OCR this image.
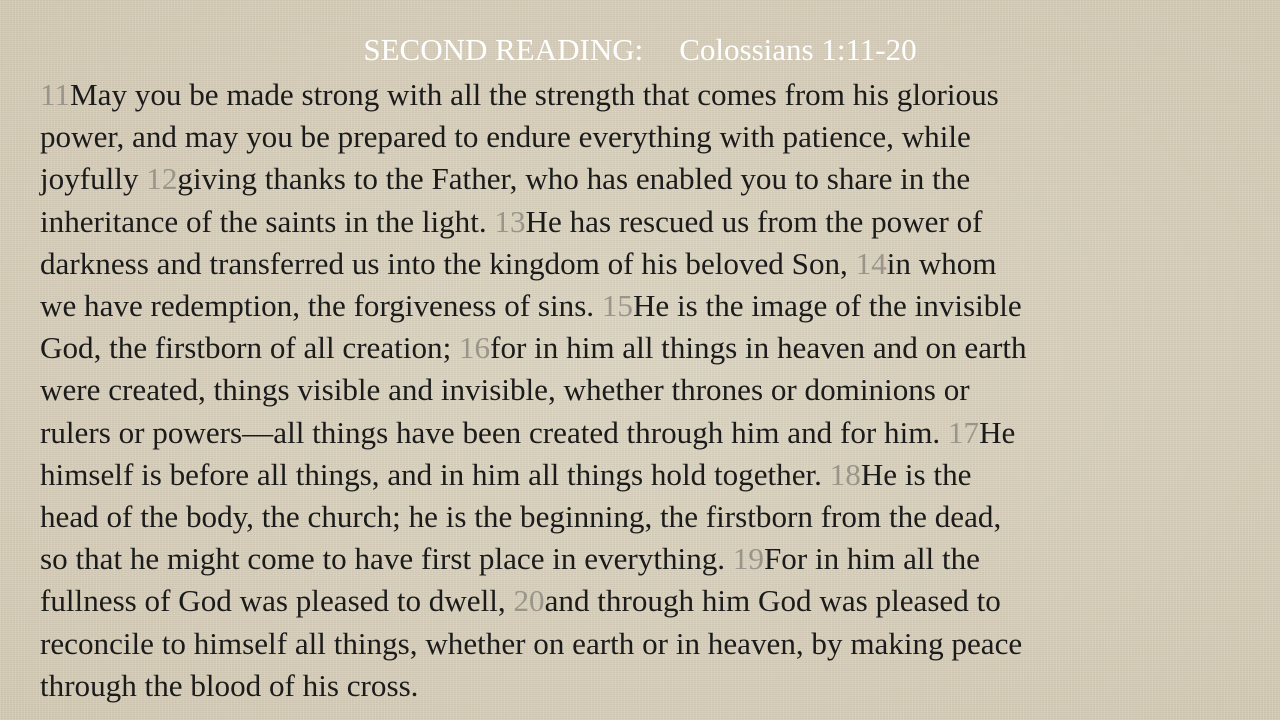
SECOND READING: Colossians 1:11-20

11May you be made strong with all the strength that comes from his glorious
power, and may you be prepared to endure everything with patience, while
joyfully 12giving thanks to the Father, who has enabled you to share in the
inheritance of the saints in the light. 13He has rescued us from the power of
darkness and transferred us into the kingdom of his beloved Son, 14in whom
we have redemption, the forgiveness of sins. 15He is the image of the invisible
God, the firstborn of all creation; 16for in him all things in heaven and on earth
were created, things visible and invisible, whether thrones or dominions or
rulers or powers—all things have been created through him and for him. 17He
himself is before all things, and in him all things hold together. 18He is the
head of the body, the church; he is the beginning, the firstborn from the dead,
so that he might come to have first place in everything. 19For in him all the
fullness of God was pleased to dwell, 20and through him God was pleased to
reconcile to himself all things, whether on earth or in heaven, by making peace
through the blood of his cross.
